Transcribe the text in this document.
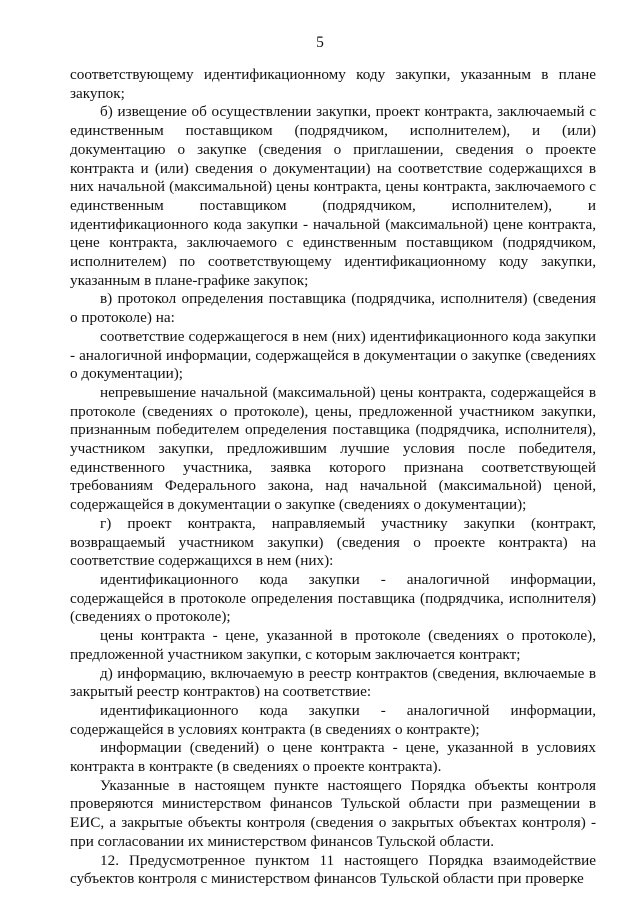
5

соответствующему идентификационному коду закупки, указанным в плане закупок;

б) извещение об осуществлении закупки, проект контракта, заключаемый с единственным поставщиком (подрядчиком, исполнителем), и (или) документацию о закупке (сведения о приглашении, сведения о проекте контракта и (или) сведения о документации) на соответствие содержащихся в них начальной (максимальной) цены контракта, цены контракта, заключаемого с единственным поставщиком (подрядчиком, исполнителем), и идентификационного кода закупки - начальной (максимальной) цене контракта, цене контракта, заключаемого с единственным поставщиком (подрядчиком, исполнителем) по соответствующему идентификационному коду закупки, указанным в плане-графике закупок;

в) протокол определения поставщика (подрядчика, исполнителя) (сведения о протоколе) на:

соответствие содержащегося в нем (них) идентификационного кода закупки - аналогичной информации, содержащейся в документации о закупке (сведениях о документации);

непревышение начальной (максимальной) цены контракта, содержащейся в протоколе (сведениях о протоколе), цены, предложенной участником закупки, признанным победителем определения поставщика (подрядчика, исполнителя), участником закупки, предложившим лучшие условия после победителя, единственного участника, заявка которого признана соответствующей требованиям Федерального закона, над начальной (максимальной) ценой, содержащейся в документации о закупке (сведениях о документации);

г) проект контракта, направляемый участнику закупки (контракт, возвращаемый участником закупки) (сведения о проекте контракта) на соответствие содержащихся в нем (них):

идентификационного кода закупки - аналогичной информации, содержащейся в протоколе определения поставщика (подрядчика, исполнителя) (сведениях о протоколе);

цены контракта - цене, указанной в протоколе (сведениях о протоколе), предложенной участником закупки, с которым заключается контракт;

д) информацию, включаемую в реестр контрактов (сведения, включаемые в закрытый реестр контрактов) на соответствие:

идентификационного кода закупки - аналогичной информации, содержащейся в условиях контракта (в сведениях о контракте);

информации (сведений) о цене контракта - цене, указанной в условиях контракта в контракте (в сведениях о проекте контракта).

Указанные в настоящем пункте настоящего Порядка объекты контроля проверяются министерством финансов Тульской области при размещении в ЕИС, а закрытые объекты контроля (сведения о закрытых объектах контроля) - при согласовании их министерством финансов Тульской области.

12. Предусмотренное пунктом 11 настоящего Порядка взаимодействие субъектов контроля с министерством финансов Тульской области при проверке
